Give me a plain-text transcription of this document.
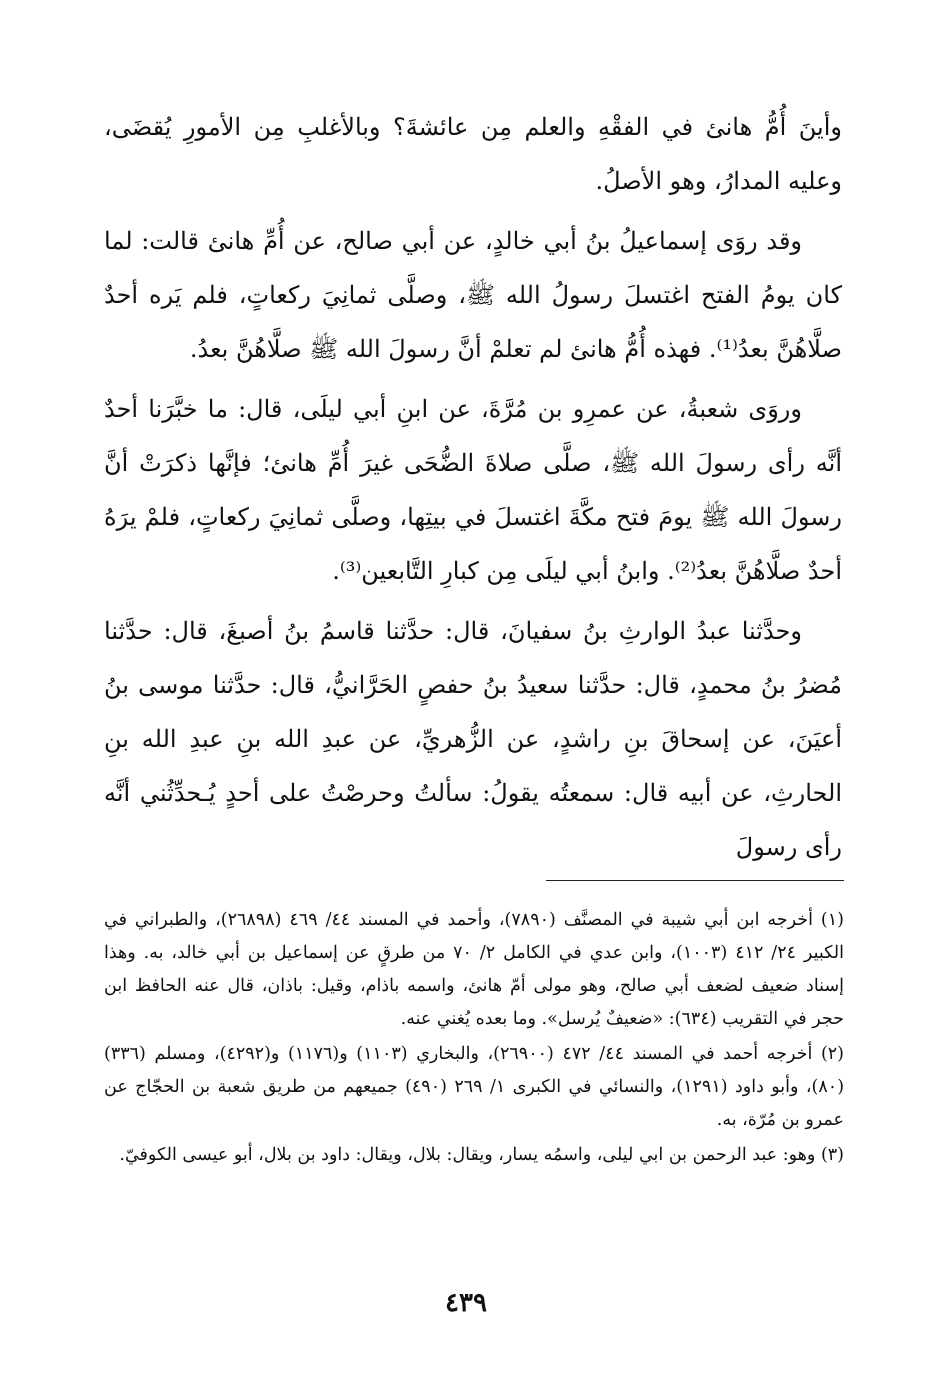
وأينَ أُمُّ هانئ في الفقْهِ والعلم مِن عائشةَ؟ وبالأغلبِ مِن الأمورِ يُقضَى، وعليه المدارُ، وهو الأصلُ.

وقد روَى إسماعيلُ بنُ أبي خالدٍ، عن أبي صالح، عن أُمِّ هانئ قالت: لما كان يومُ الفتح اغتسلَ رسولُ الله ﷺ، وصلَّى ثمانِيَ ركعاتٍ، فلم يَره أحدٌ صلَّاهُنَّ بعدُ⁽¹⁾. فهذه أُمُّ هانئ لم تعلمْ أنَّ رسولَ الله ﷺ صلَّاهُنَّ بعدُ.

وروَى شعبةُ، عن عمرِو بن مُرَّةَ، عن ابنِ أبي ليلَى، قال: ما خبَّرَنا أحدٌ أنَّه رأى رسولَ الله ﷺ، صلَّى صلاةَ الضُّحَى غيرَ أُمِّ هانئ؛ فإنَّها ذكرَتْ أنَّ رسولَ الله ﷺ يومَ فتح مكَّةَ اغتسلَ في بيتِها، وصلَّى ثمانِيَ ركعاتٍ، فلمْ يرَهُ أحدٌ صلَّاهُنَّ بعدُ⁽²⁾. وابنُ أبي ليلَى مِن كبارِ التَّابعين⁽³⁾.

وحدَّثنا عبدُ الوارثِ بنُ سفيانَ، قال: حدَّثنا قاسمُ بنُ أصبغَ، قال: حدَّثنا مُضرُ بنُ محمدٍ، قال: حدَّثنا سعيدُ بنُ حفصٍ الحَرَّانيُّ، قال: حدَّثنا موسى بنُ أعيَنَ، عن إسحاقَ بنِ راشدٍ، عن الزُّهريِّ، عن عبدِ الله بنِ عبدِ الله بنِ الحارثِ، عن أبيه قال: سمعتُه يقولُ: سألتُ وحرصْتُ على أحدٍ يُـحدِّثُني أنَّه رأى رسولَ

(١) أخرجه ابن أبي شيبة في المصنَّف (٧٨٩٠)، وأحمد في المسند ٤٤/ ٤٦٩ (٢٦٨٩٨)، والطبراني في الكبير ٢٤/ ٤١٢ (١٠٠٣)، وابن عدي في الكامل ٢/ ٧٠ من طرقٍ عن إسماعيل بن أبي خالد، به. وهذا إسناد ضعيف لضعف أبي صالح، وهو مولى أمّ هانئ، واسمه باذام، وقيل: باذان، قال عنه الحافظ ابن حجر في التقريب (٦٣٤): «ضعيفٌ يُرسل». وما بعده يُغني عنه.

(٢) أخرجه أحمد في المسند ٤٤/ ٤٧٢ (٢٦٩٠٠)، والبخاري (١١٠٣) و(١١٧٦) و(٤٢٩٢)، ومسلم (٣٣٦) (٨٠)، وأبو داود (١٢٩١)، والنسائي في الكبرى ١/ ٢٦٩ (٤٩٠) جميعهم من طريق شعبة بن الحجّاج عن عمرو بن مُرّة، به.

(٣) وهو: عبد الرحمن بن ابي ليلى، واسمُه يسار، ويقال: بلال، ويقال: داود بن بلال، أبو عيسى الكوفيّ.

٤٣٩
